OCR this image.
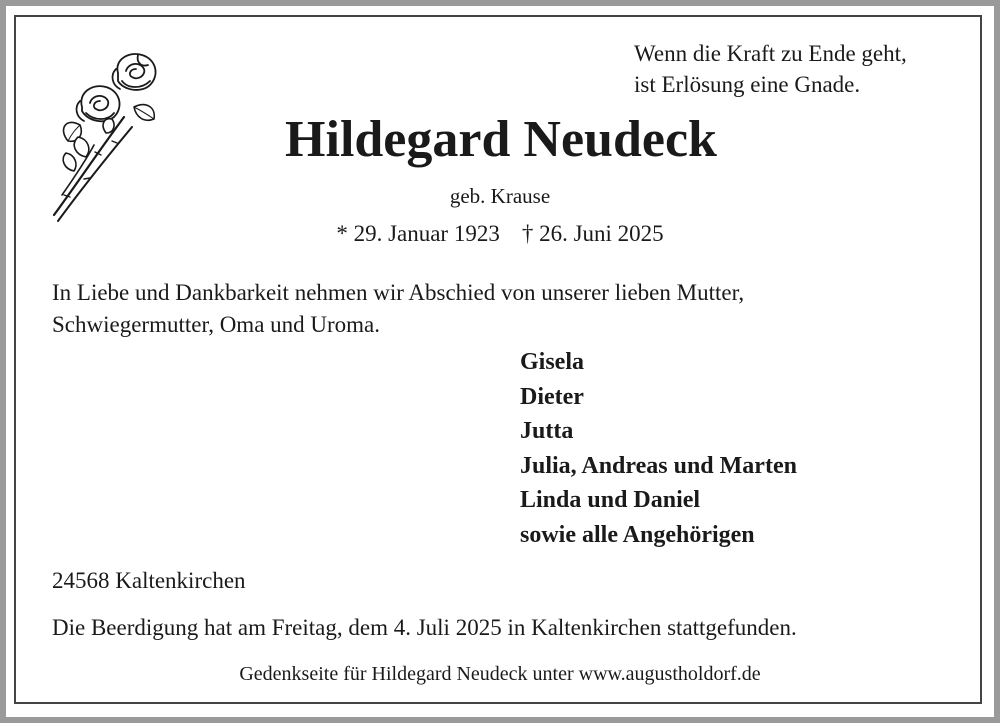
Wenn die Kraft zu Ende geht,
ist Erlösung eine Gnade.
Hildegard Neudeck
geb. Krause
* 29. Januar 1923 † 26. Juni 2025
In Liebe und Dankbarkeit nehmen wir Abschied von unserer lieben Mutter,
Schwiegermutter, Oma und Uroma.
Gisela
Dieter
Jutta
Julia, Andreas und Marten
Linda und Daniel
sowie alle Angehörigen
24568 Kaltenkirchen
Die Beerdigung hat am Freitag, dem 4. Juli 2025 in Kaltenkirchen stattgefunden.
Gedenkseite für Hildegard Neudeck unter www.augustholdorf.de
